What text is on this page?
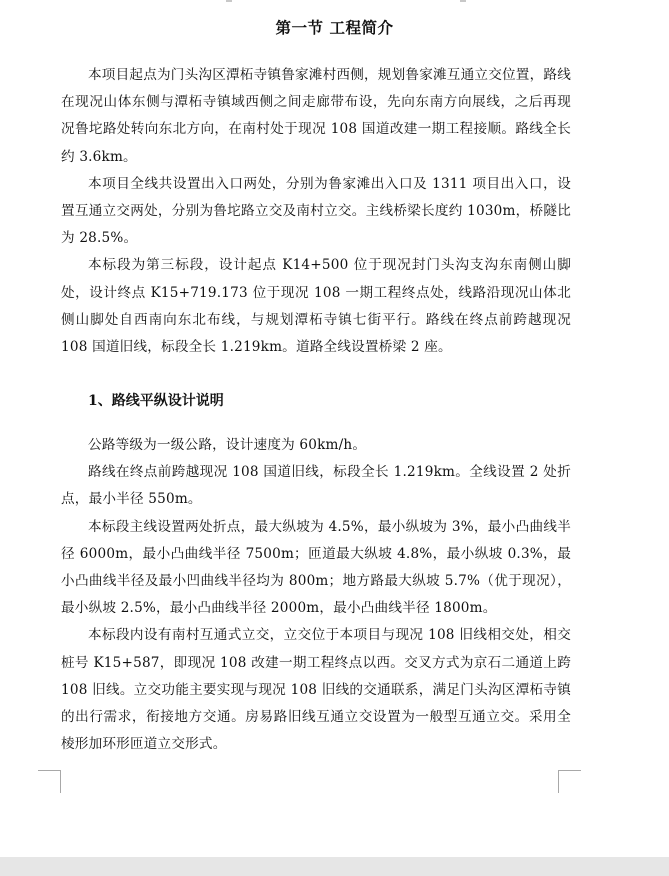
第一节 工程简介

本项目起点为门头沟区潭柘寺镇鲁家滩村西侧，规划鲁家滩互通立交位置，路线在现况山体东侧与潭柘寺镇域西侧之间走廊带布设，先向东南方向展线，之后再现况鲁坨路处转向东北方向，在南村处于现况 108 国道改建一期工程接顺。路线全长约 3.6km。

本项目全线共设置出入口两处，分别为鲁家滩出入口及 1311 项目出入口，设置互通立交两处，分别为鲁坨路立交及南村立交。主线桥梁长度约 1030m，桥隧比为 28.5%。

本标段为第三标段，设计起点 K14+500 位于现况封门头沟支沟东南侧山脚处，设计终点 K15+719.173 位于现况 108 一期工程终点处，线路沿现况山体北侧山脚处自西南向东北布线，与规划潭柘寺镇七街平行。路线在终点前跨越现况 108 国道旧线，标段全长 1.219km。道路全线设置桥梁 2 座。

1、路线平纵设计说明

公路等级为一级公路，设计速度为 60km/h。

路线在终点前跨越现况 108 国道旧线，标段全长 1.219km。全线设置 2 处折点，最小半径 550m。

本标段主线设置两处折点，最大纵坡为 4.5%，最小纵坡为 3%，最小凸曲线半径 6000m，最小凸曲线半径 7500m；匝道最大纵坡 4.8%，最小纵坡 0.3%，最小凸曲线半径及最小凹曲线半径均为 800m；地方路最大纵坡 5.7%（优于现况），最小纵坡 2.5%，最小凸曲线半径 2000m，最小凸曲线半径 1800m。

本标段内设有南村互通式立交，立交位于本项目与现况 108 旧线相交处，相交桩号 K15+587，即现况 108 改建一期工程终点以西。交叉方式为京石二通道上跨 108 旧线。立交功能主要实现与现况 108 旧线的交通联系，满足门头沟区潭柘寺镇的出行需求，衔接地方交通。房易路旧线互通立交设置为一般型互通立交。采用全棱形加环形匝道立交形式。
